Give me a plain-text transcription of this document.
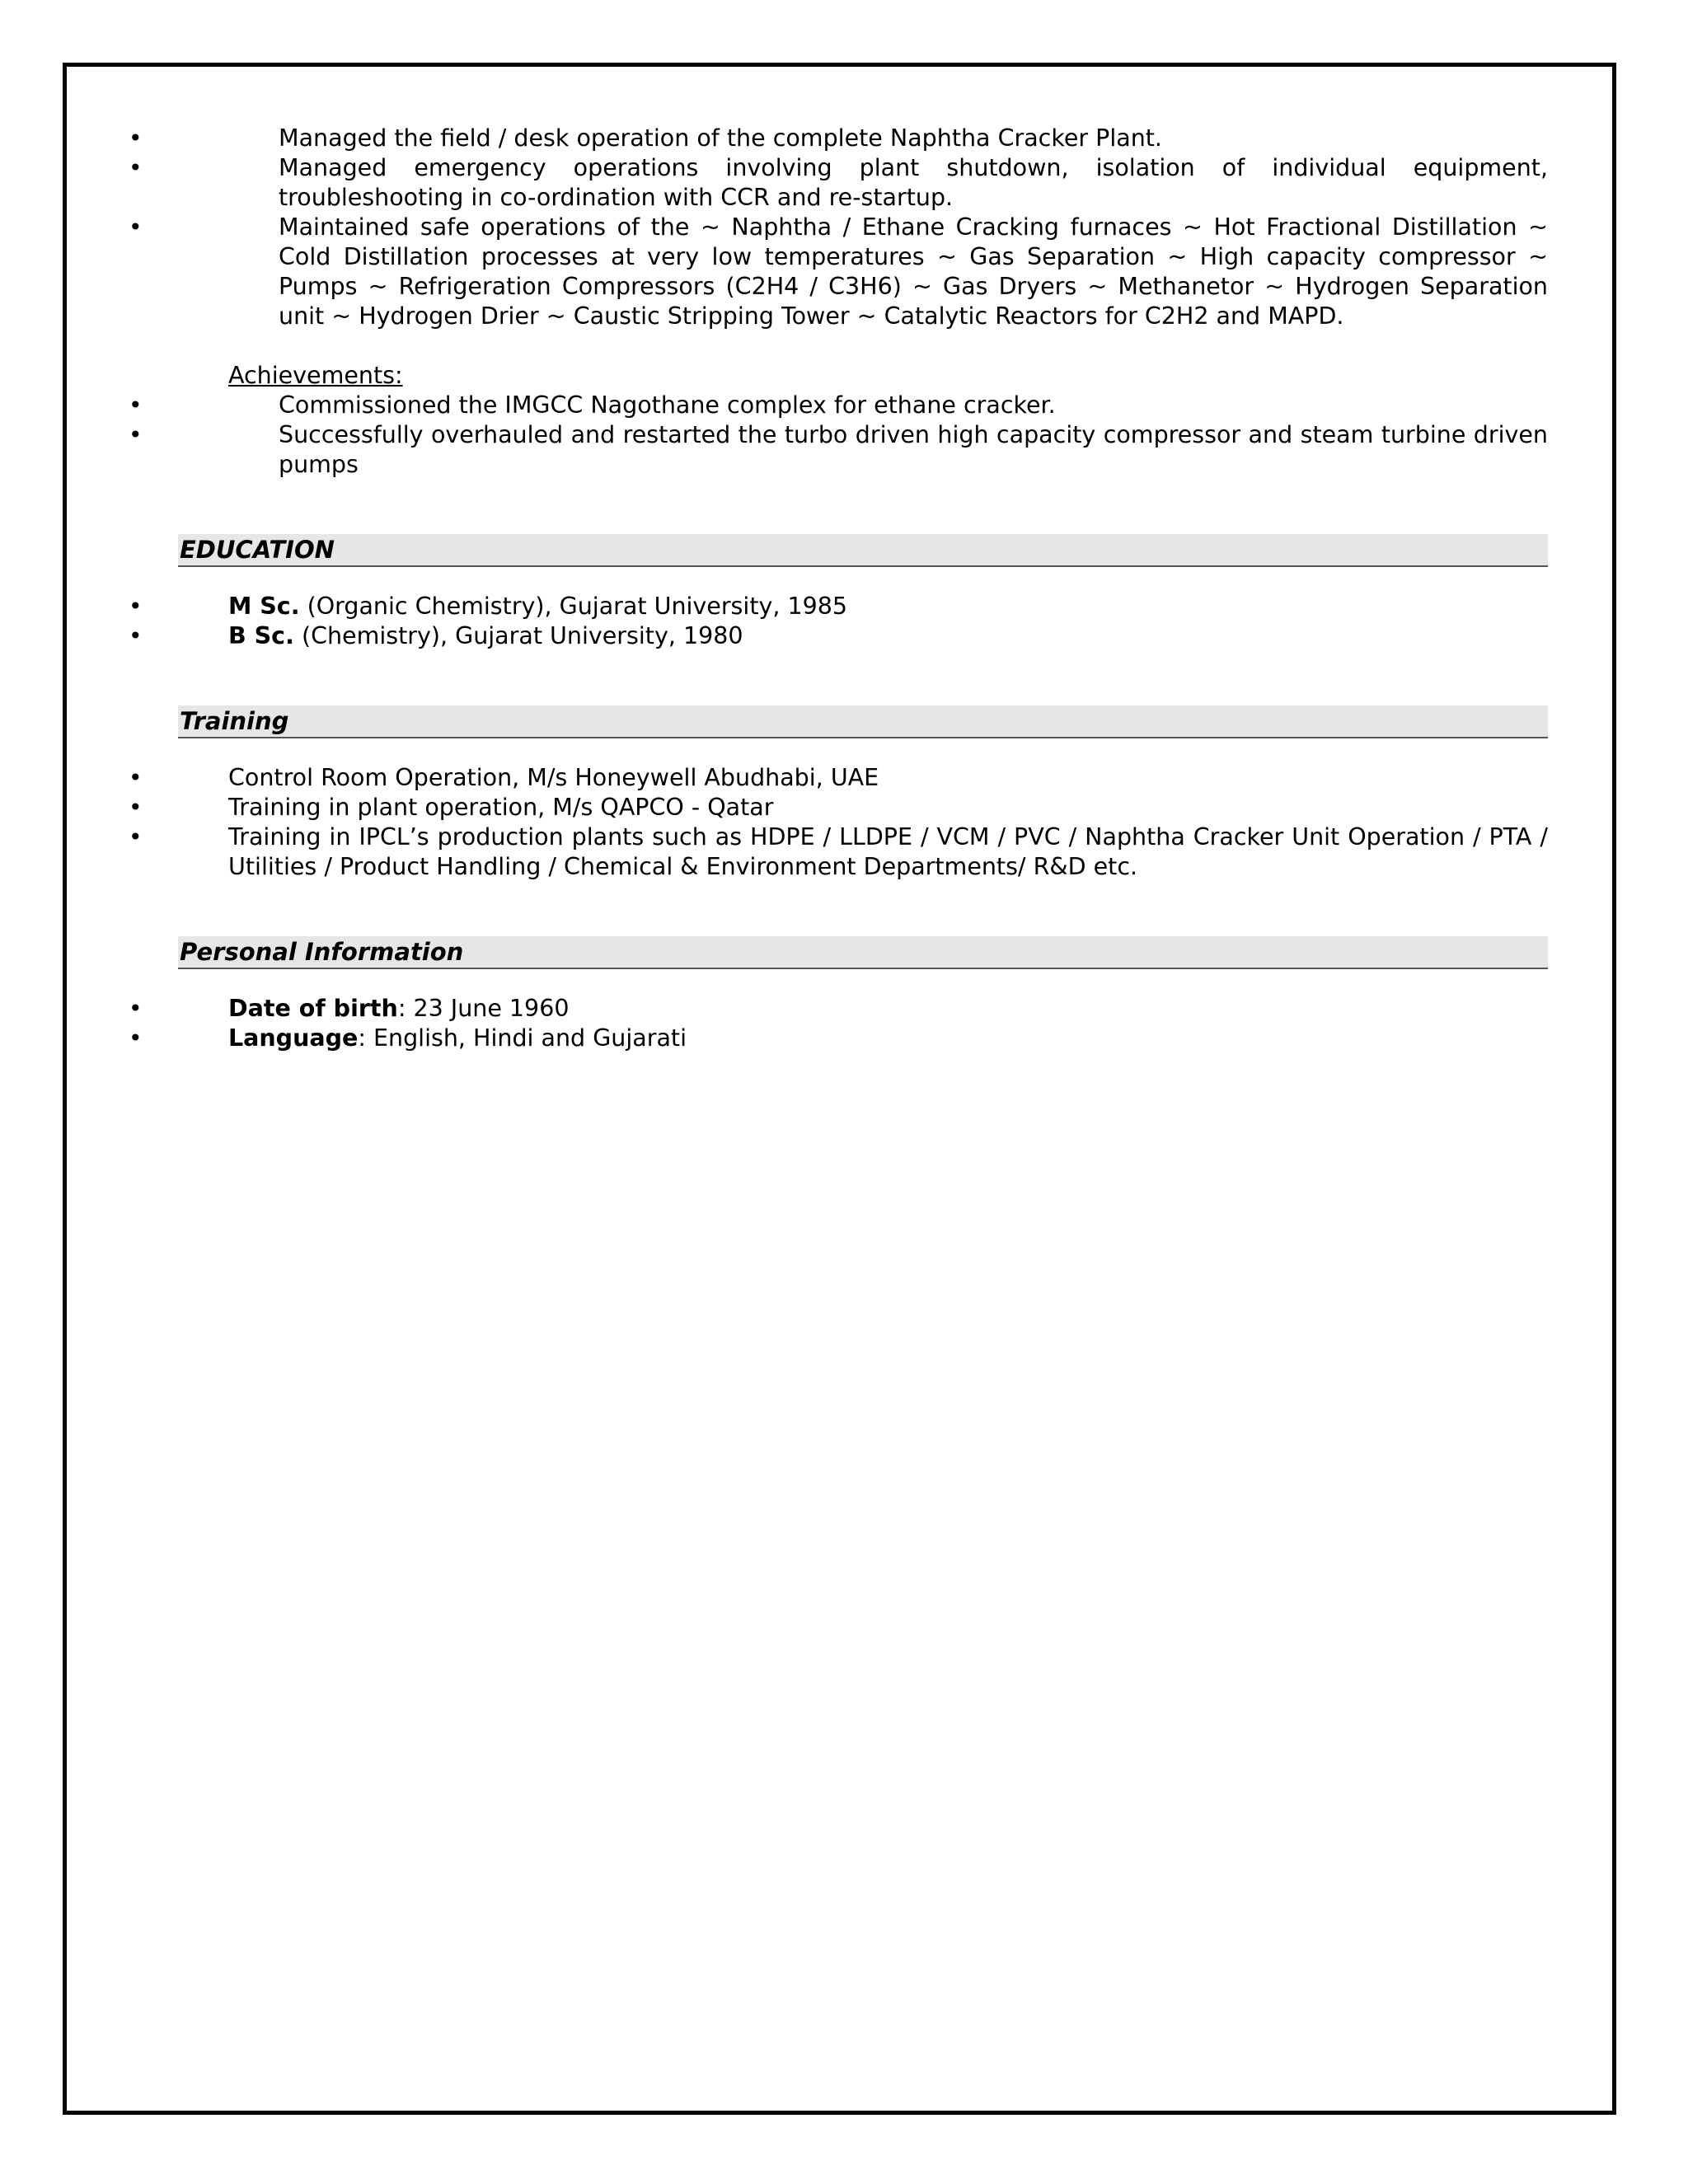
•	Managed the field / desk operation of the complete Naphtha Cracker Plant.
•	Managed emergency operations involving plant shutdown, isolation of individual equipment, troubleshooting in co-ordination with CCR and re-startup.
•	Maintained safe operations of the ~ Naphtha / Ethane Cracking furnaces ~ Hot Fractional Distillation ~ Cold Distillation processes at very low temperatures ~ Gas Separation ~ High capacity compressor ~ Pumps ~ Refrigeration Compressors (C2H4 / C3H6) ~ Gas Dryers ~ Methanetor ~ Hydrogen Separation unit ~ Hydrogen Drier ~ Caustic Stripping Tower ~ Catalytic Reactors for C2H2 and MAPD.
Achievements:
•	Commissioned the IMGCC Nagothane complex for ethane cracker.
•	Successfully overhauled and restarted the turbo driven high capacity compressor and steam turbine driven pumps
EDUCATION
•	M Sc. (Organic Chemistry), Gujarat University, 1985
•	B Sc. (Chemistry), Gujarat University, 1980
Training
•	Control Room Operation, M/s Honeywell Abudhabi, UAE
•	Training in plant operation, M/s QAPCO - Qatar
•	Training in IPCL’s production plants such as HDPE / LLDPE / VCM / PVC / Naphtha Cracker Unit Operation / PTA / Utilities / Product Handling / Chemical & Environment Departments/ R&D etc.
Personal Information
•	Date of birth: 23 June 1960
•	Language: English, Hindi and Gujarati
